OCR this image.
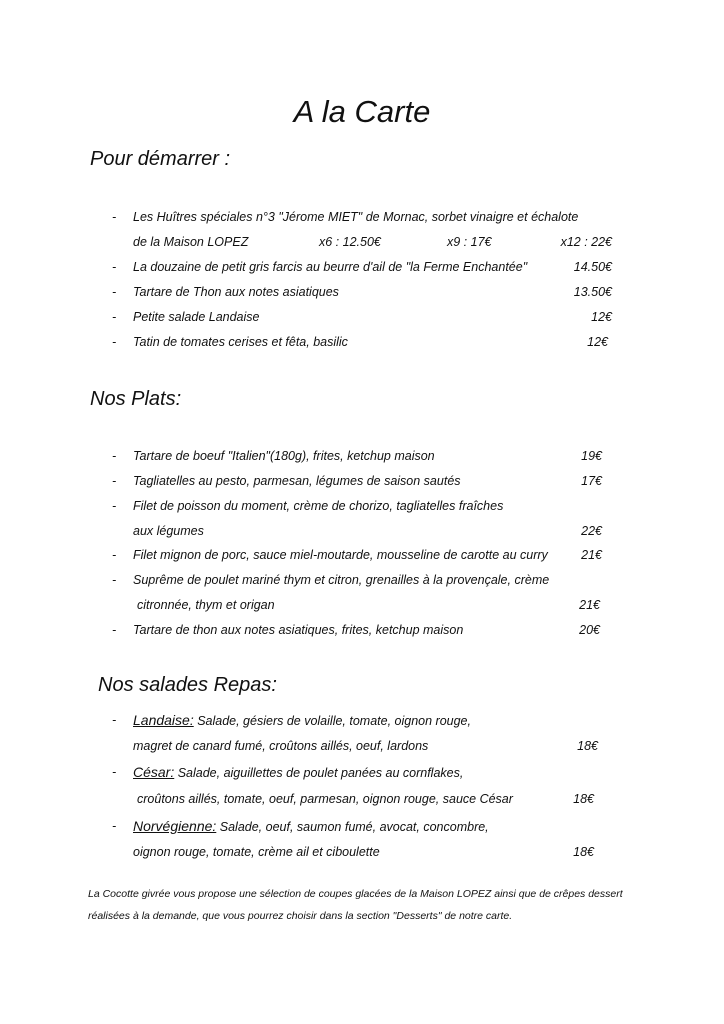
A la Carte
Pour démarrer :
- Les Huîtres spéciales n°3 "Jérome MIET" de Mornac, sorbet vinaigre et échalote
de la Maison LOPEZ	x6 : 12.50€	x9 : 17€	x12 : 22€
- La douzaine de petit gris farcis au beurre d'ail de "la Ferme Enchantée"	14.50€
- Tartare de Thon aux notes asiatiques	13.50€
- Petite salade Landaise	12€
- Tatin de tomates cerises et fêta, basilic	12€
Nos Plats:
- Tartare de boeuf "Italien"(180g), frites, ketchup maison	19€
- Tagliatelles au pesto, parmesan, légumes de saison sautés	17€
- Filet de poisson du moment, crème de chorizo, tagliatelles fraîches
aux légumes	22€
- Filet mignon de porc, sauce miel-moutarde, mousseline de carotte au curry	21€
- Suprême de poulet mariné thym et citron, grenailles à la provençale, crème
citronnée, thym et origan	21€
- Tartare de thon aux notes asiatiques, frites, ketchup maison	20€
Nos salades Repas:
- Landaise: Salade, gésiers de volaille, tomate, oignon rouge,
magret de canard fumé, croûtons aillés, oeuf, lardons	18€
- César: Salade, aiguillettes de poulet panées au cornflakes,
croûtons aillés, tomate, oeuf, parmesan, oignon rouge, sauce César	18€
- Norvégienne: Salade, oeuf, saumon fumé, avocat, concombre,
oignon rouge, tomate, crème ail et ciboulette	18€
La Cocotte givrée vous propose une sélection de coupes glacées de la Maison LOPEZ ainsi que de crêpes dessert
réalisées à la demande, que vous pourrez choisir dans la section "Desserts" de notre carte.
